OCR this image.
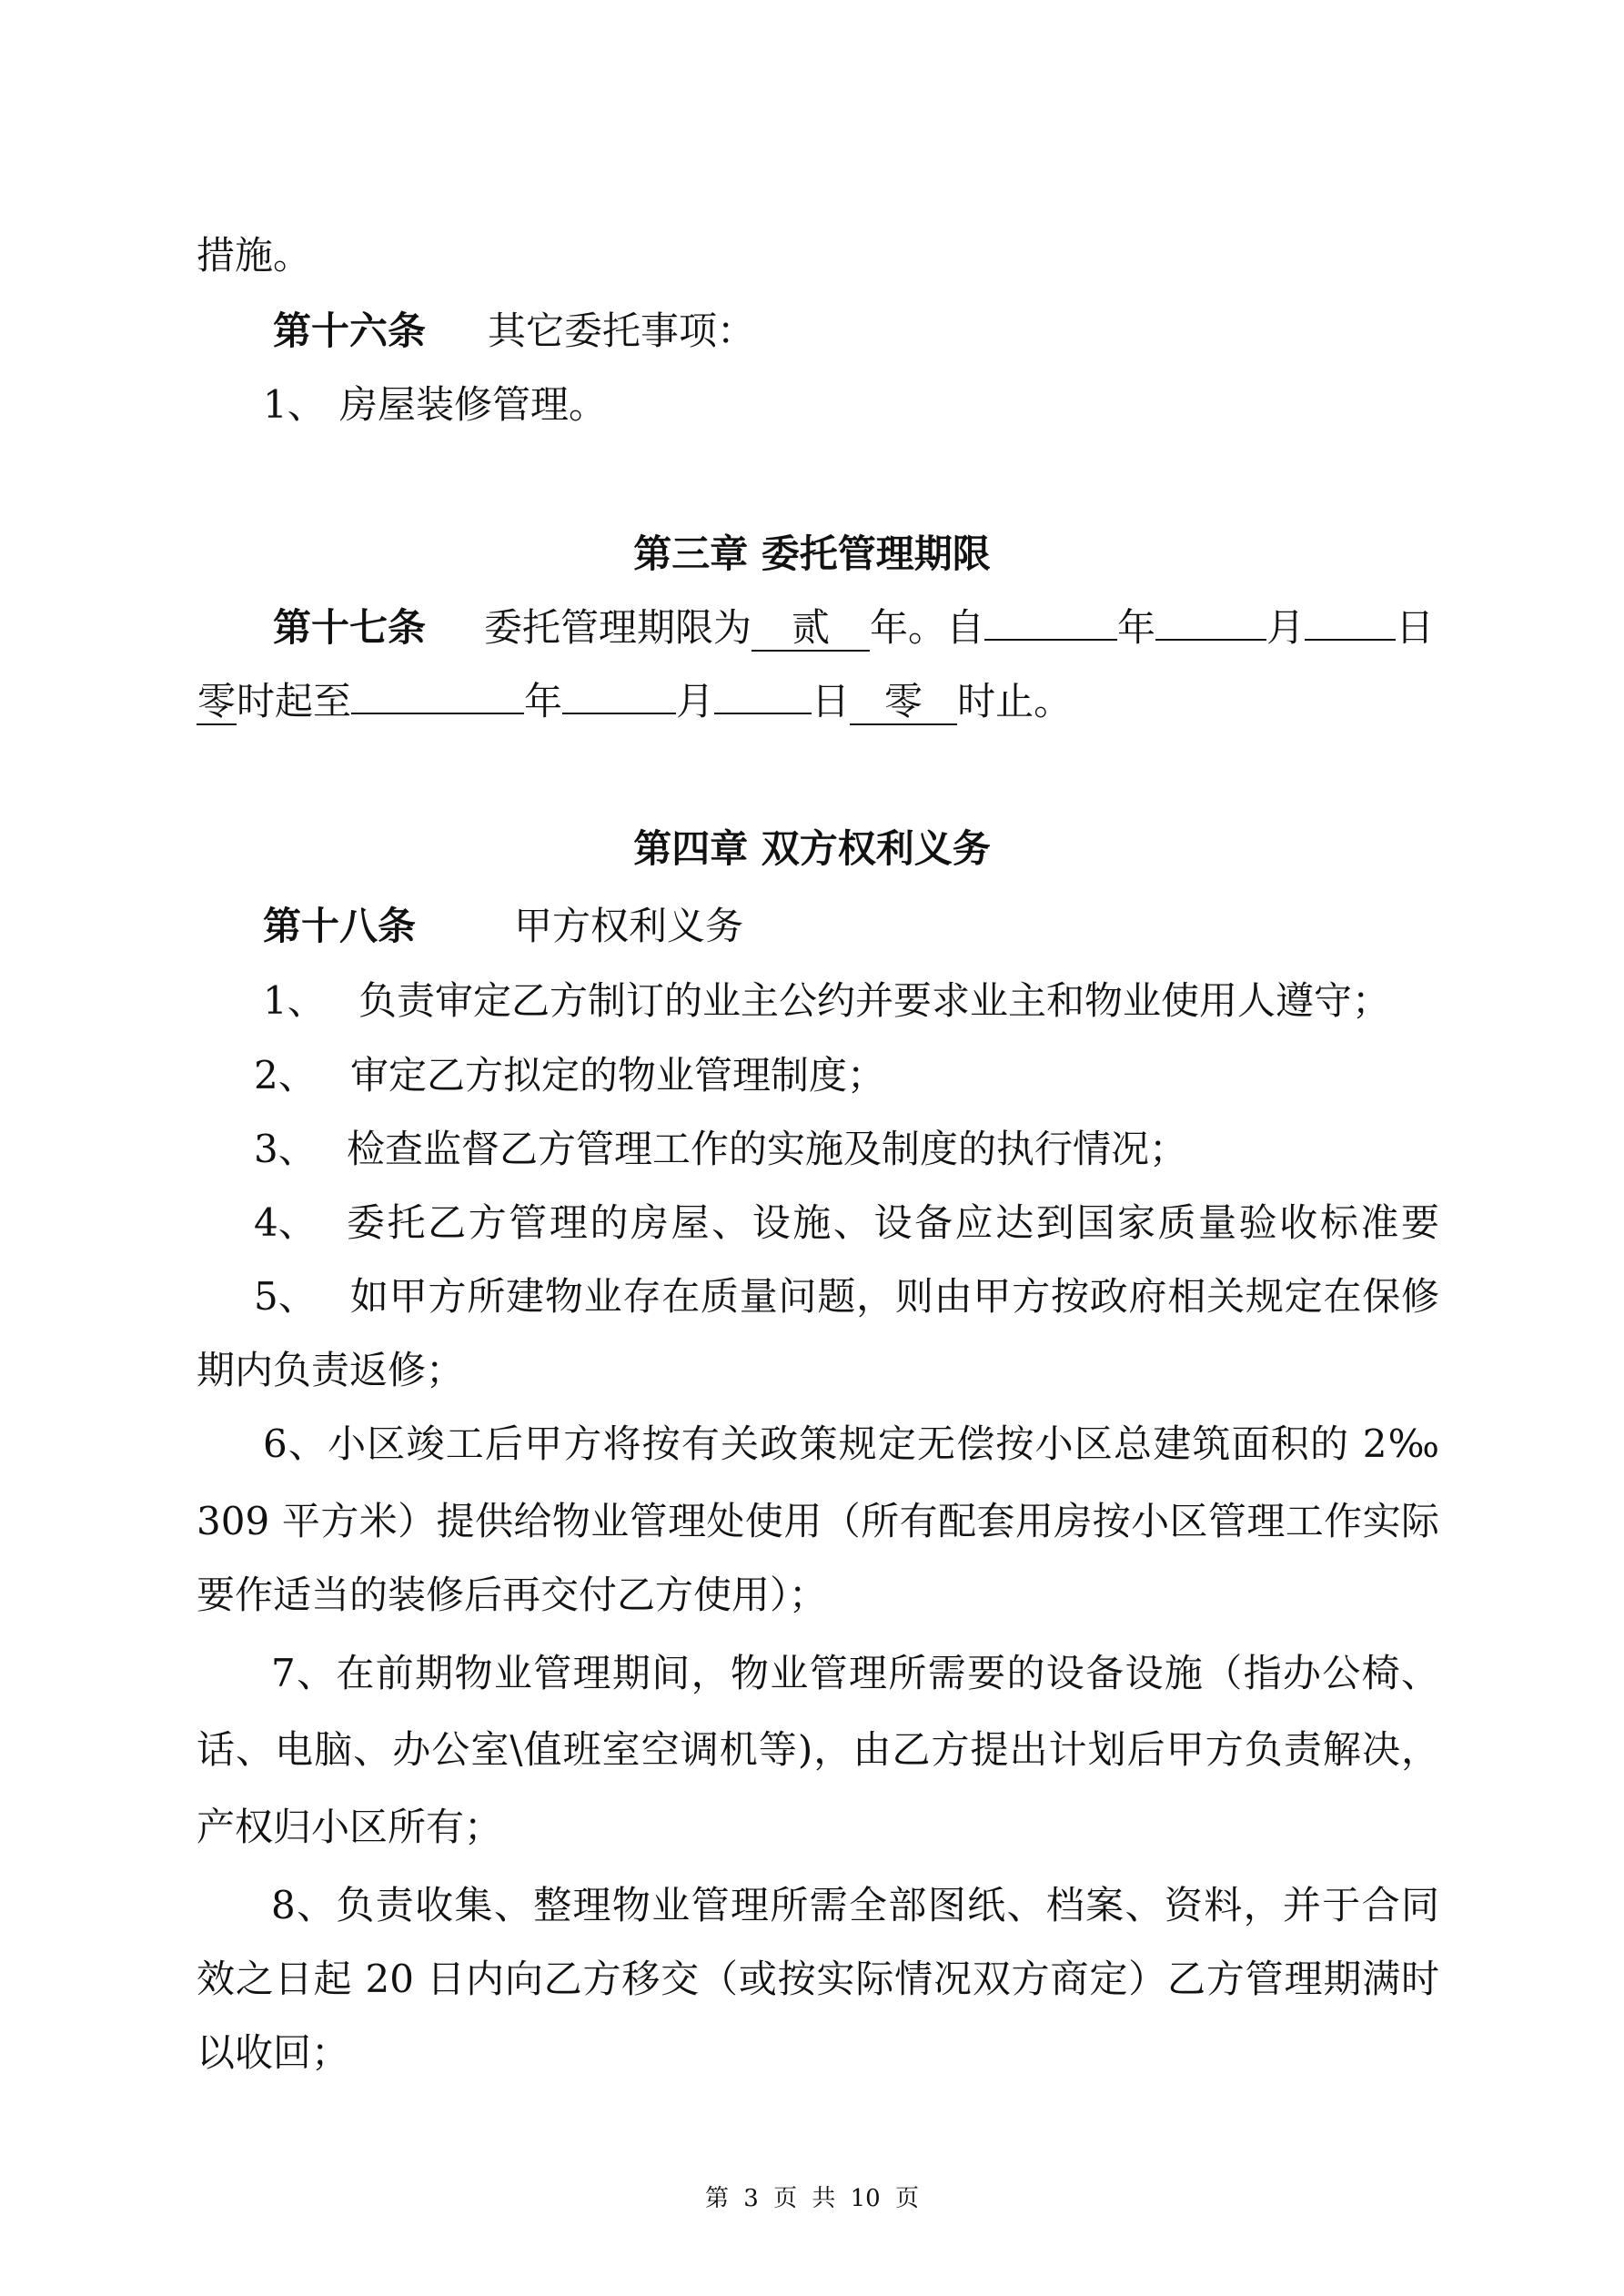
措施。
第十六条 其它委托事项：
1、 房屋装修管理。
第三章 委托管理期限
第十七条 委托管理期限为 贰 年。自	年	月 日
零时起至	年	月	日 零 时止。
第四章 双方权利义务
第十八条	甲方权利义务
1、 负责审定乙方制订的业主公约并要求业主和物业使用人遵守；
2、 审定乙方拟定的物业管理制度；
3、 检查监督乙方管理工作的实施及制度的执行情况；
4、 委托乙方管理的房屋、设施、设备应达到国家质量验收标准要
5、 如甲方所建物业存在质量问题，则由甲方按政府相关规定在保修
期内负责返修；
6、小区竣工后甲方将按有关政策规定无偿按小区总建筑面积的 2‰
309 平方米）提供给物业管理处使用（所有配套用房按小区管理工作实际
要作适当的装修后再交付乙方使用）；
7、在前期物业管理期间，物业管理所需要的设备设施（指办公椅、
话、电脑、办公室\值班室空调机等)，由乙方提出计划后甲方负责解决，
产权归小区所有；
8、负责收集、整理物业管理所需全部图纸、档案、资料，并于合同
效之日起 20 日内向乙方移交（或按实际情况双方商定）乙方管理期满时
以收回；
第 3 页 共 10 页
